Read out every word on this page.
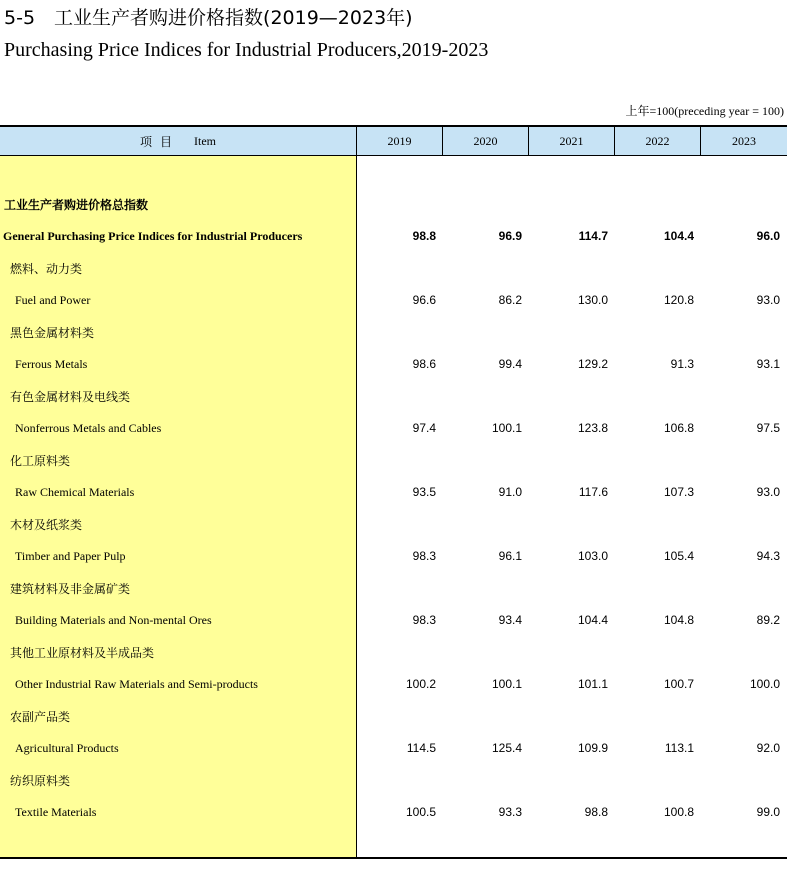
5-5　工业生产者购进价格指数(2019—2023年)
Purchasing Price Indices for Industrial Producers,2019-2023
上年=100(preceding year = 100)
项目 Item	2019	2020	2021	2022	2023
工业生产者购进价格总指数
General Purchasing Price Indices for Industrial Producers	98.8	96.9	114.7	104.4	96.0
燃料、动力类
Fuel and Power	96.6	86.2	130.0	120.8	93.0
黑色金属材料类
Ferrous Metals	98.6	99.4	129.2	91.3	93.1
有色金属材料及电线类
Nonferrous Metals and Cables	97.4	100.1	123.8	106.8	97.5
化工原料类
Raw Chemical Materials	93.5	91.0	117.6	107.3	93.0
木材及纸浆类
Timber and Paper Pulp	98.3	96.1	103.0	105.4	94.3
建筑材料及非金属矿类
Building Materials and Non-mental Ores	98.3	93.4	104.4	104.8	89.2
其他工业原材料及半成品类
Other Industrial Raw Materials and Semi-products	100.2	100.1	101.1	100.7	100.0
农副产品类
Agricultural Products	114.5	125.4	109.9	113.1	92.0
纺织原料类
Textile Materials	100.5	93.3	98.8	100.8	99.0
